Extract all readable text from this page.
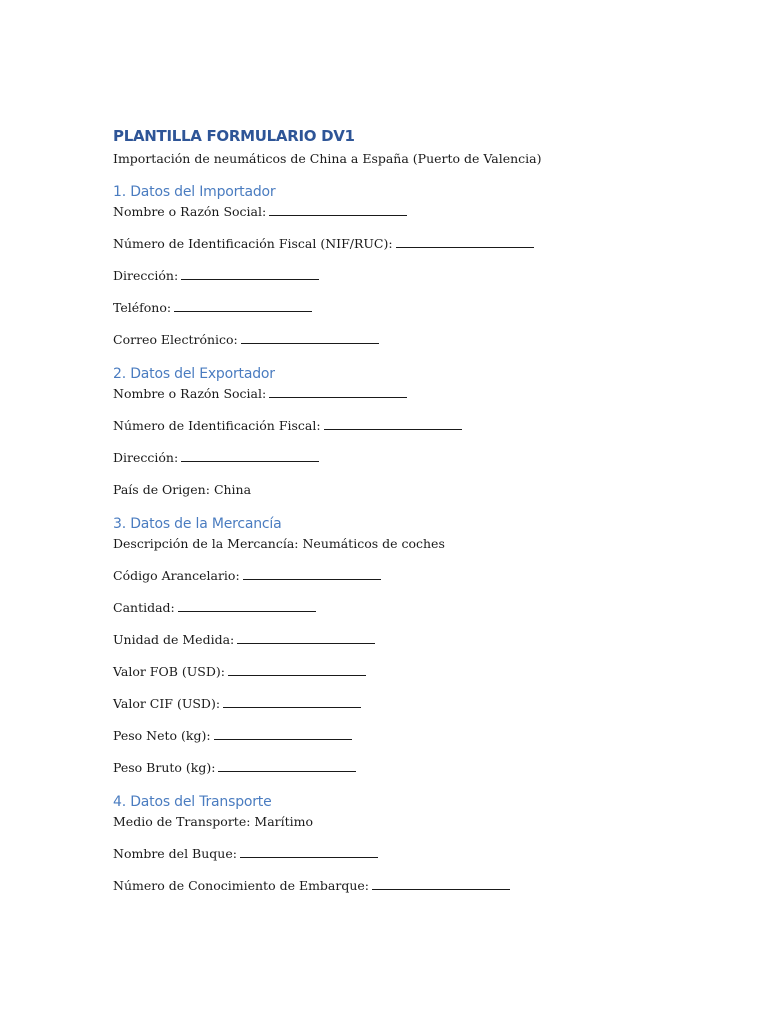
PLANTILLA FORMULARIO DV1

Importación de neumáticos de China a España (Puerto de Valencia)

1. Datos del Importador

Nombre o Razón Social:

Número de Identificación Fiscal (NIF/RUC):

Dirección:

Teléfono:

Correo Electrónico:

2. Datos del Exportador

Nombre o Razón Social:

Número de Identificación Fiscal:

Dirección:

País de Origen: China

3. Datos de la Mercancía

Descripción de la Mercancía: Neumáticos de coches

Código Arancelario:

Cantidad:

Unidad de Medida:

Valor FOB (USD):

Valor CIF (USD):

Peso Neto (kg):

Peso Bruto (kg):

4. Datos del Transporte

Medio de Transporte: Marítimo

Nombre del Buque:

Número de Conocimiento de Embarque:
